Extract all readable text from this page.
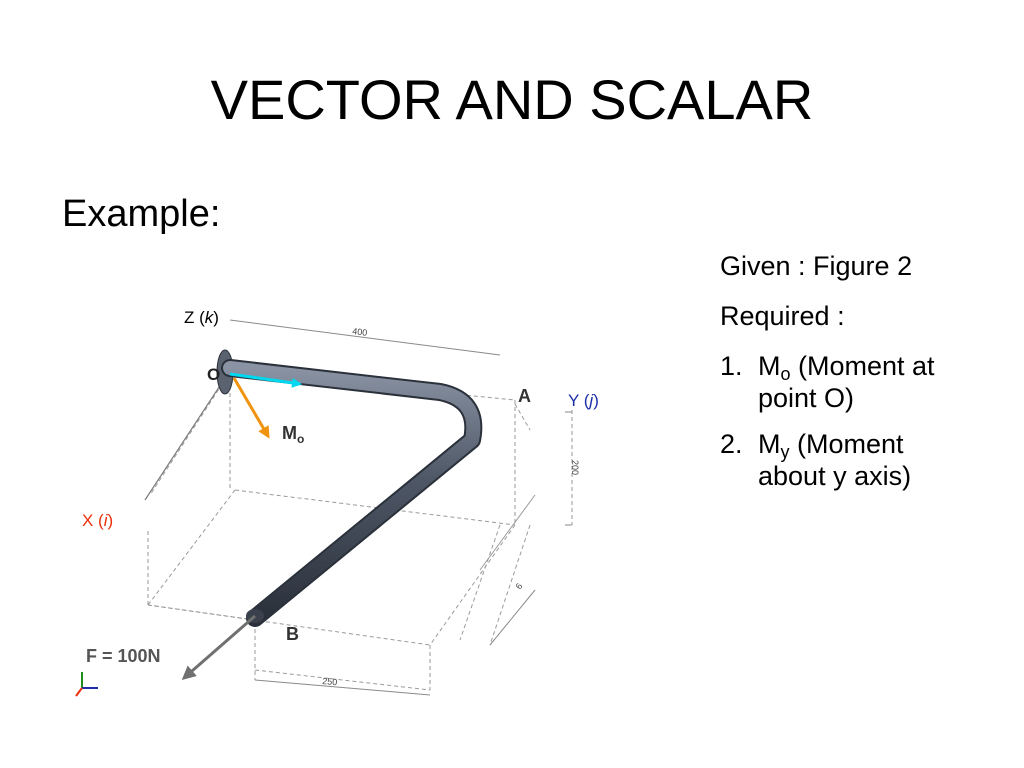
VECTOR AND SCALAR
Example:

Given : Figure 2

Required :

1. $M_o$ (Moment at
point O)
2. $M_y$ (Moment
about y axis)
Z (k)
Y (j)
X (i)
O
A
B
$M_o$
F = 100N
400
200
250
6
